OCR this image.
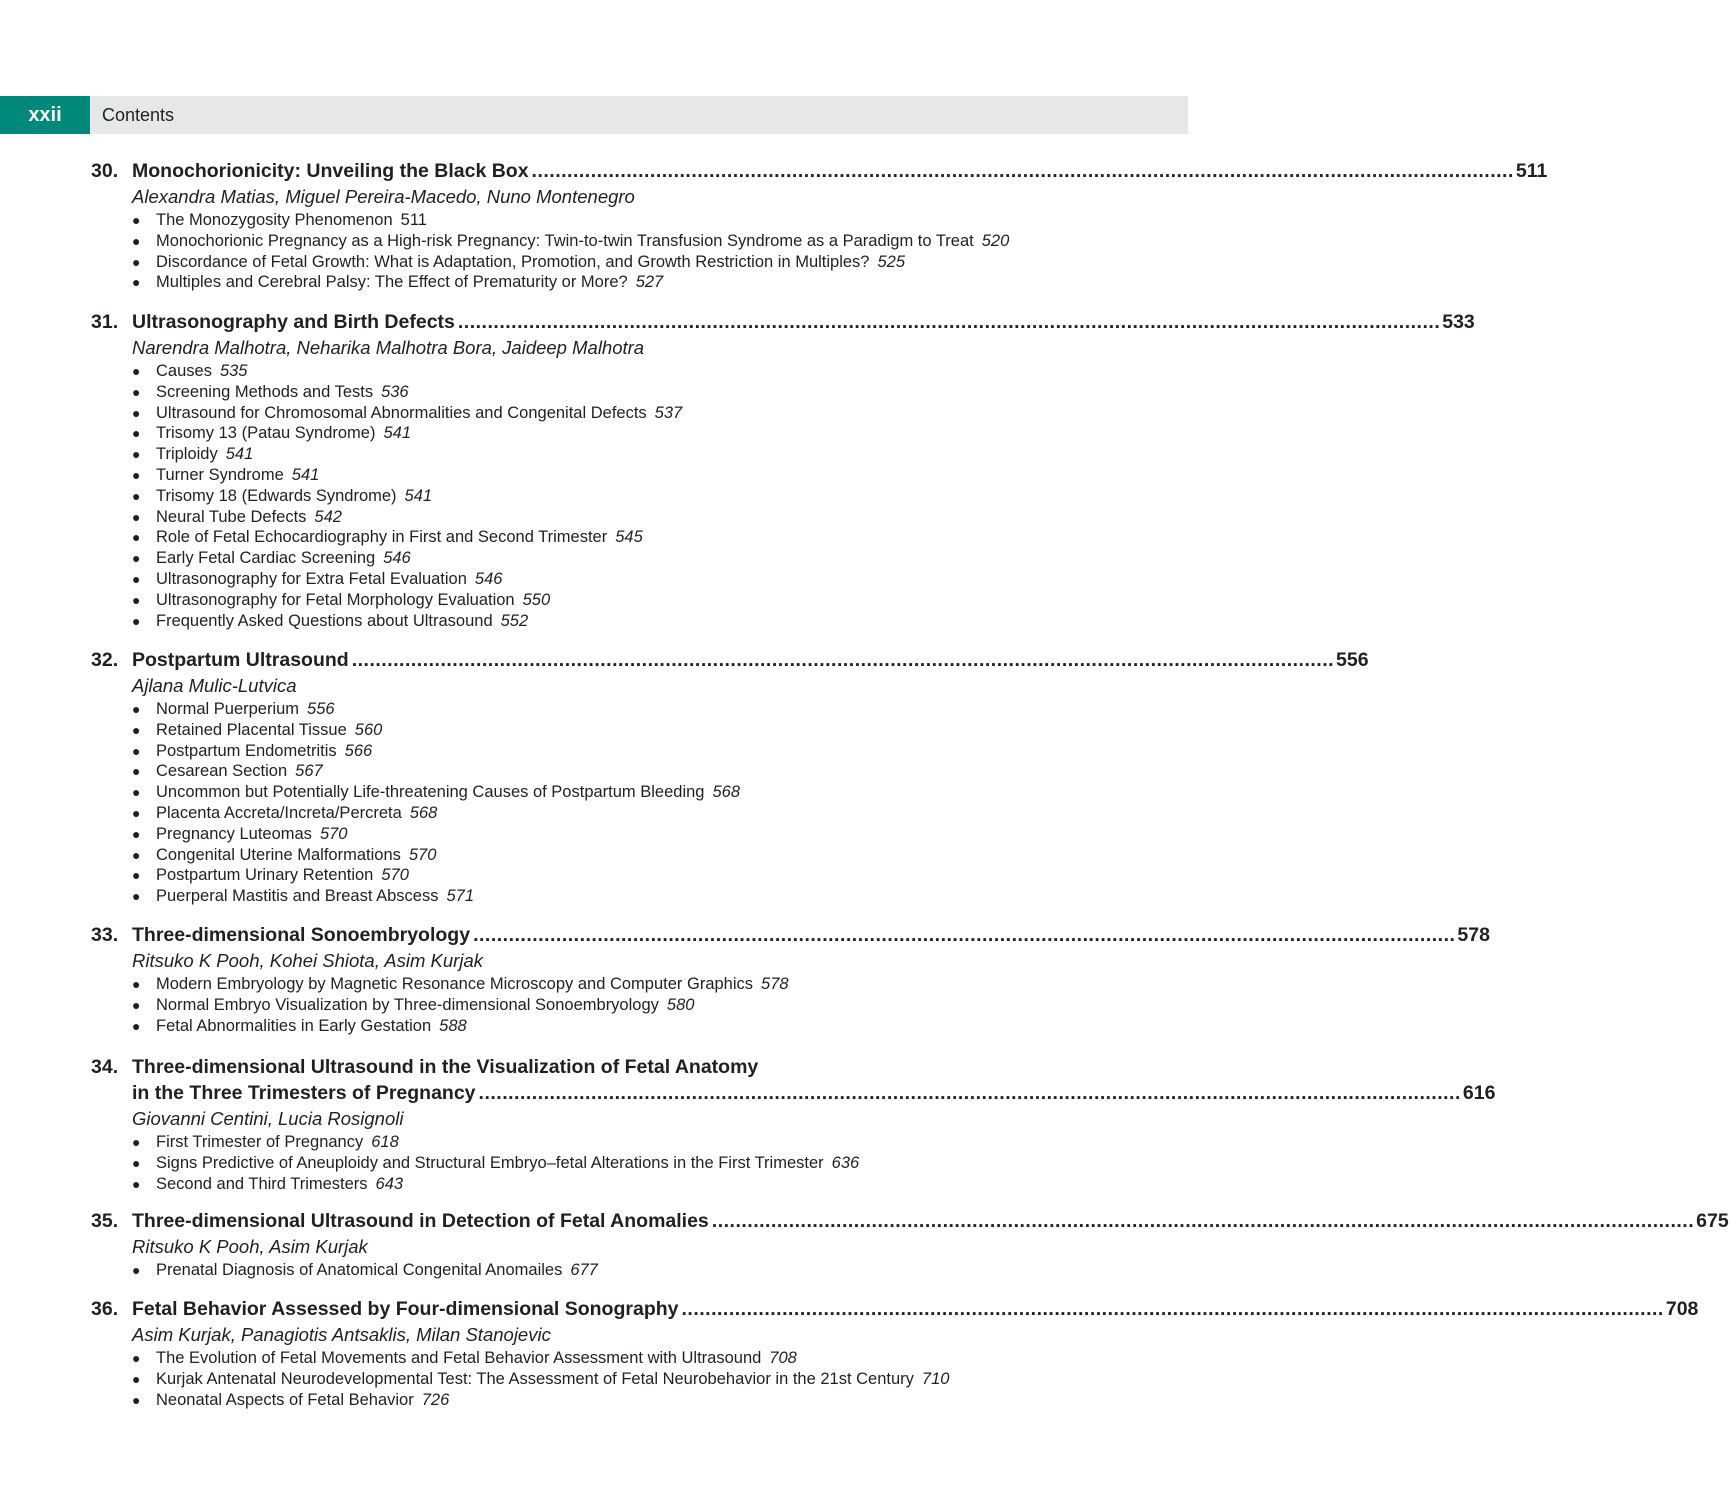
xxii	Contents
30. Monochorionicity: Unveiling the Black Box ...................................................................................................................................................................... 511
Alexandra Matias, Miguel Pereira-Macedo, Nuno Montenegro
● The Monozygosity Phenomenon 511
● Monochorionic Pregnancy as a High-risk Pregnancy: Twin-to-twin Transfusion Syndrome as a Paradigm to Treat 520
● Discordance of Fetal Growth: What is Adaptation, Promotion, and Growth Restriction in Multiples? 525
● Multiples and Cerebral Palsy: The Effect of Prematurity or More? 527
31. Ultrasonography and Birth Defects ...................................................................................................................................................................... 533
Narendra Malhotra, Neharika Malhotra Bora, Jaideep Malhotra
● Causes 535
● Screening Methods and Tests 536
● Ultrasound for Chromosomal Abnormalities and Congenital Defects 537
● Trisomy 13 (Patau Syndrome) 541
● Triploidy 541
● Turner Syndrome 541
● Trisomy 18 (Edwards Syndrome) 541
● Neural Tube Defects 542
● Role of Fetal Echocardiography in First and Second Trimester 545
● Early Fetal Cardiac Screening 546
● Ultrasonography for Extra Fetal Evaluation 546
● Ultrasonography for Fetal Morphology Evaluation 550
● Frequently Asked Questions about Ultrasound 552
32. Postpartum Ultrasound ...................................................................................................................................................................... 556
Ajlana Mulic-Lutvica
● Normal Puerperium 556
● Retained Placental Tissue 560
● Postpartum Endometritis 566
● Cesarean Section 567
● Uncommon but Potentially Life-threatening Causes of Postpartum Bleeding 568
● Placenta Accreta/Increta/Percreta 568
● Pregnancy Luteomas 570
● Congenital Uterine Malformations 570
● Postpartum Urinary Retention 570
● Puerperal Mastitis and Breast Abscess 571
33. Three-dimensional Sonoembryology ...................................................................................................................................................................... 578
Ritsuko K Pooh, Kohei Shiota, Asim Kurjak
● Modern Embryology by Magnetic Resonance Microscopy and Computer Graphics 578
● Normal Embryo Visualization by Three-dimensional Sonoembryology 580
● Fetal Abnormalities in Early Gestation 588
34. Three-dimensional Ultrasound in the Visualization of Fetal Anatomy
in the Three Trimesters of Pregnancy ...................................................................................................................................................................... 616
Giovanni Centini, Lucia Rosignoli
● First Trimester of Pregnancy 618
● Signs Predictive of Aneuploidy and Structural Embryo–fetal Alterations in the First Trimester 636
● Second and Third Trimesters 643
35. Three-dimensional Ultrasound in Detection of Fetal Anomalies ...................................................................................................................................................................... 675
Ritsuko K Pooh, Asim Kurjak
● Prenatal Diagnosis of Anatomical Congenital Anomailes 677
36. Fetal Behavior Assessed by Four-dimensional Sonography ...................................................................................................................................................................... 708
Asim Kurjak, Panagiotis Antsaklis, Milan Stanojevic
● The Evolution of Fetal Movements and Fetal Behavior Assessment with Ultrasound 708
● Kurjak Antenatal Neurodevelopmental Test: The Assessment of Fetal Neurobehavior in the 21st Century 710
● Neonatal Aspects of Fetal Behavior 726
